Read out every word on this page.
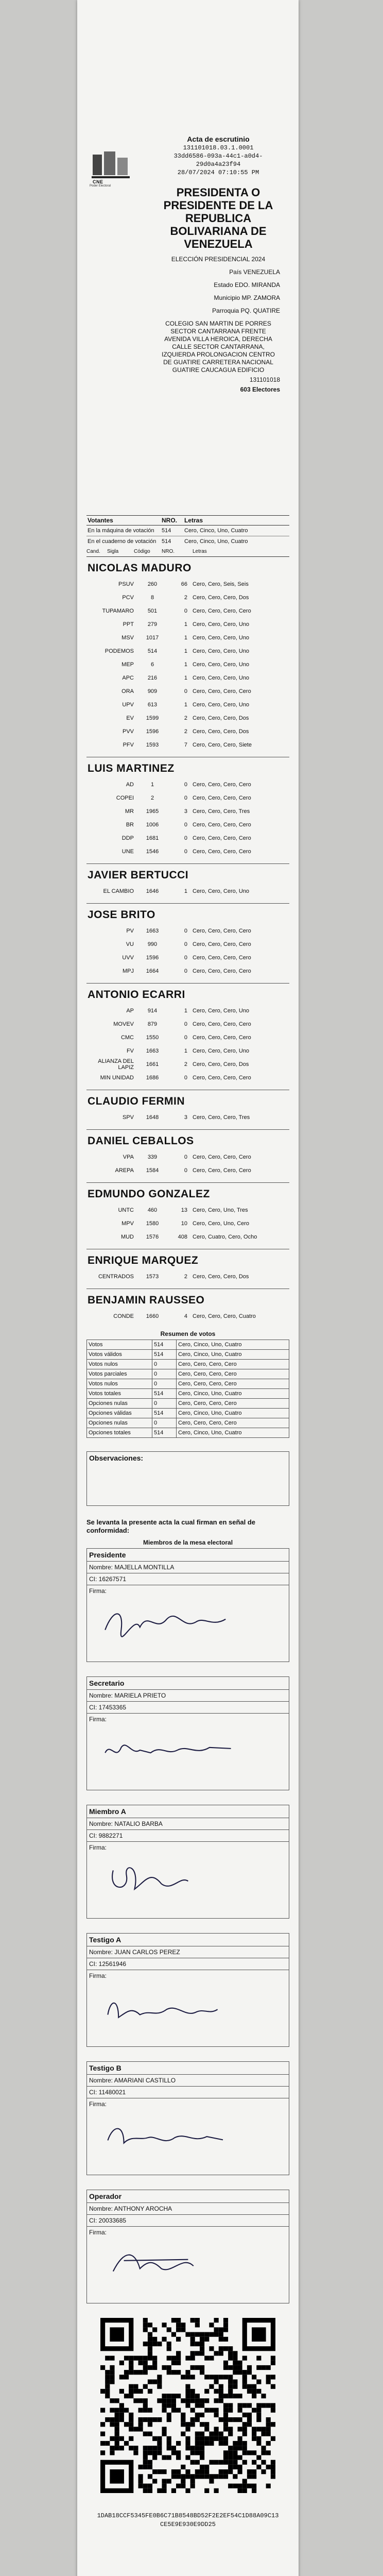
CNE
Poder Electoral
Acta de escrutinio
131101018.03.1.0001
33dd6586-093a-44c1-a0d4-29d0a4a23f94
28/07/2024 07:10:55 PM
PRESIDENTA O PRESIDENTE DE LA REPUBLICA BOLIVARIANA DE VENEZUELA
ELECCIÓN PRESIDENCIAL 2024
País VENEZUELA
Estado EDO. MIRANDA
Municipio MP. ZAMORA
Parroquia PQ. QUATIRE
COLEGIO SAN MARTIN DE PORRES SECTOR CANTARRANA FRENTE AVENIDA VILLA HEROICA, DERECHA CALLE SECTOR CANTARRANA, IZQUIERDA PROLONGACION CENTRO DE GUATIRE CARRETERA NACIONAL GUATIRE CAUCAGUA EDIFICIO
131101018
603 Electores
Votantes	NRO.	Letras
En la máquina de votación	514	Cero, Cinco, Uno, Cuatro
En el cuaderno de votación	514	Cero, Cinco, Uno, Cuatro
Cand.	Sigla	Código	NRO.	Letras
NICOLAS MADURO
PSUV	260	66 Cero, Cero, Seis, Seis
PCV	8	2 Cero, Cero, Cero, Dos
TUPAMARO	501	0 Cero, Cero, Cero, Cero
PPT	279	1 Cero, Cero, Cero, Uno
MSV	1017	1 Cero, Cero, Cero, Uno
PODEMOS	514	1 Cero, Cero, Cero, Uno
MEP	6	1 Cero, Cero, Cero, Uno
APC	216	1 Cero, Cero, Cero, Uno
ORA	909	0 Cero, Cero, Cero, Cero
UPV	613	1 Cero, Cero, Cero, Uno
EV	1599	2 Cero, Cero, Cero, Dos
PVV	1596	2 Cero, Cero, Cero, Dos
PFV	1593	7 Cero, Cero, Cero, Siete
LUIS MARTINEZ
AD	1	0 Cero, Cero, Cero, Cero
COPEI	2	0 Cero, Cero, Cero, Cero
MR	1965	3 Cero, Cero, Cero, Tres
BR	1006	0 Cero, Cero, Cero, Cero
DDP	1681	0 Cero, Cero, Cero, Cero
UNE	1546	0 Cero, Cero, Cero, Cero
JAVIER BERTUCCI
EL CAMBIO	1646	1 Cero, Cero, Cero, Uno
JOSE BRITO
PV	1663	0 Cero, Cero, Cero, Cero
VU	990	0 Cero, Cero, Cero, Cero
UVV	1596	0 Cero, Cero, Cero, Cero
MPJ	1664	0 Cero, Cero, Cero, Cero
ANTONIO ECARRI
AP	914	1 Cero, Cero, Cero, Uno
MOVEV	879	0 Cero, Cero, Cero, Cero
CMC	1550	0 Cero, Cero, Cero, Cero
FV	1663	1 Cero, Cero, Cero, Uno
ALIANZA DEL LAPIZ	1661	2 Cero, Cero, Cero, Dos
MIN UNIDAD	1686	0 Cero, Cero, Cero, Cero
CLAUDIO FERMIN
SPV	1648	3 Cero, Cero, Cero, Tres
DANIEL CEBALLOS
VPA	339	0 Cero, Cero, Cero, Cero
AREPA	1584	0 Cero, Cero, Cero, Cero
EDMUNDO GONZALEZ
UNTC	460	13 Cero, Cero, Uno, Tres
MPV	1580	10 Cero, Cero, Uno, Cero
MUD	1576	408 Cero, Cuatro, Cero, Ocho
ENRIQUE MARQUEZ
CENTRADOS	1573	2 Cero, Cero, Cero, Dos
BENJAMIN RAUSSEO
CONDE	1660	4 Cero, Cero, Cero, Cuatro
Resumen de votos
Votos	514	Cero, Cinco, Uno, Cuatro
Votos válidos	514	Cero, Cinco, Uno, Cuatro
Votos nulos	0	Cero, Cero, Cero, Cero
Votos parciales	0	Cero, Cero, Cero, Cero
Votos nulos	0	Cero, Cero, Cero, Cero
Votos totales	514	Cero, Cinco, Uno, Cuatro
Opciones nulas	0	Cero, Cero, Cero, Cero
Opciones válidas	514	Cero, Cinco, Uno, Cuatro
Opciones nulas	0	Cero, Cero, Cero, Cero
Opciones totales	514	Cero, Cinco, Uno, Cuatro
Observaciones:
Se levanta la presente acta la cual firman en señal de conformidad:
Miembros de la mesa electoral
Presidente
Nombre: MAJELLA MONTILLA
CI: 16267571
Firma:
Secretario
Nombre: MARIELA PRIETO
CI: 17453365
Firma:
Miembro A
Nombre: NATALIO BARBA
CI: 9882271
Firma:
Testigo A
Nombre: JUAN CARLOS PEREZ
CI: 12561946
Firma:
Testigo B
Nombre: AMARIANI CASTILLO
CI: 11480021
Firma:
Operador
Nombre: ANTHONY AROCHA
CI: 20033685
Firma:
1DAB18CCF5345FE0B6C71B8548BD52F2E2EF54C1D88A09C13CE5E9E930E9DD25
